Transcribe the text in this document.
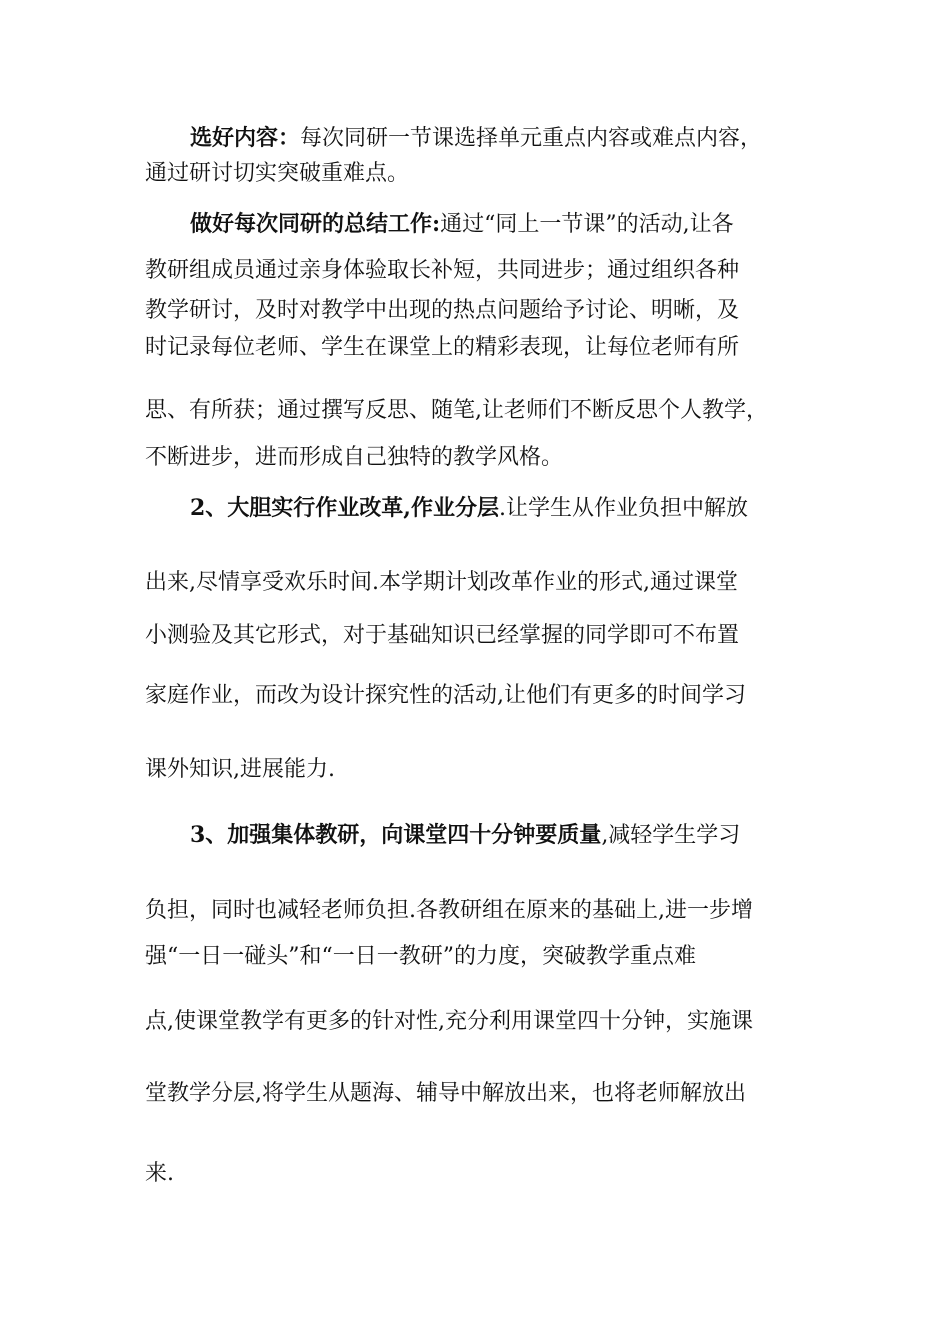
选好内容：每次同研一节课选择单元重点内容或难点内容，
通过研讨切实突破重难点。
做好每次同研的总结工作:通过“同上一节课”的活动,让各
教研组成员通过亲身体验取长补短，共同进步；通过组织各种
教学研讨，及时对教学中出现的热点问题给予讨论、明晰，及
时记录每位老师、学生在课堂上的精彩表现，让每位老师有所
思、有所获；通过撰写反思、随笔,让老师们不断反思个人教学，
不断进步，进而形成自己独特的教学风格。
2、大胆实行作业改革,作业分层.让学生从作业负担中解放
出来,尽情享受欢乐时间.本学期计划改革作业的形式,通过课堂
小测验及其它形式，对于基础知识已经掌握的同学即可不布置
家庭作业，而改为设计探究性的活动,让他们有更多的时间学习
课外知识,进展能力.
3、加强集体教研，向课堂四十分钟要质量,减轻学生学习
负担，同时也减轻老师负担.各教研组在原来的基础上,进一步增
强“一日一碰头”和“一日一教研”的力度，突破教学重点难
点,使课堂教学有更多的针对性,充分利用课堂四十分钟，实施课
堂教学分层,将学生从题海、辅导中解放出来，也将老师解放出
来.
